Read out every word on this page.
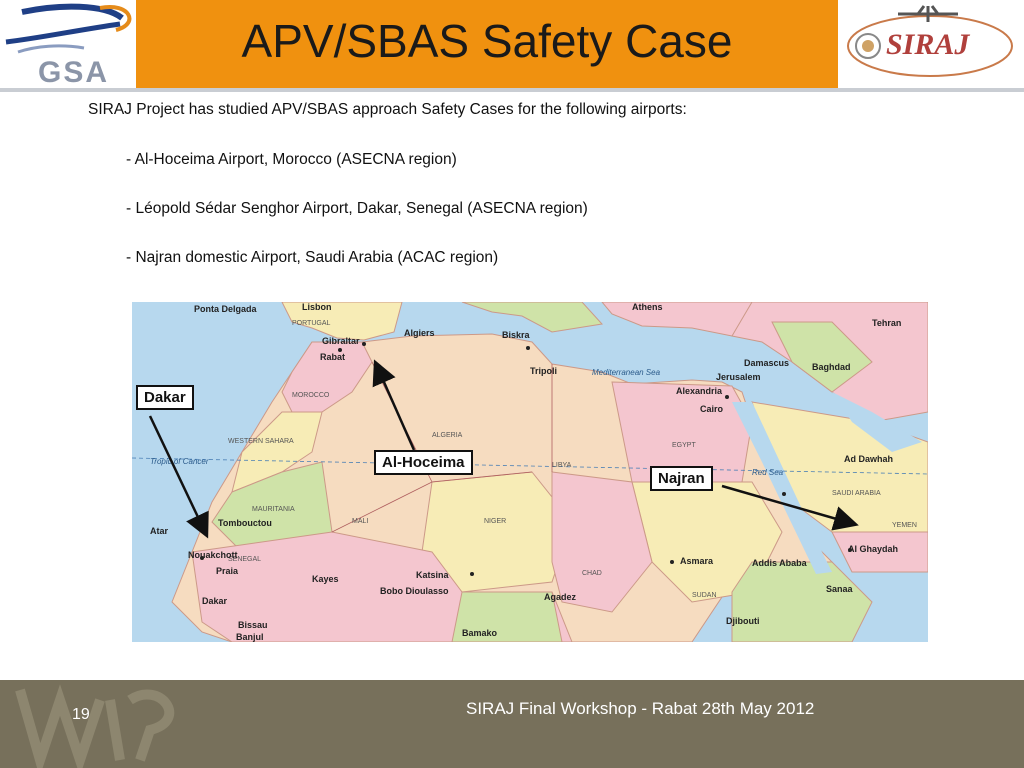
GSA
APV/SBAS Safety Case	SIRAJ
SIRAJ Project has studied APV/SBAS approach Safety Cases for the following airports:
- Al-Hoceima Airport, Morocco (ASECNA region)
- Léopold Sédar Senghor Airport, Dakar, Senegal (ASECNA region)
- Najran domestic Airport, Saudi Arabia (ACAC region)
Mediterranean Sea
Red Sea
Tropic of Cancer
PORTUGAL
MOROCCO
ALGERIA
LIBYA
EGYPT
SUDAN
CHAD
NIGER
MALI
MAURITANIA
WESTERN SAHARA
SENEGAL
SAUDI ARABIA
YEMEN
Ponta Delgada	Lisbon
Gibraltar
Rabat
Algiers	Biskra
Tripoli
Athens
Tehran
Baghdad
Damascus
Jerusalem
Alexandria
Cairo
Ad Dawhah
Asmara	Addis Ababa
Al Ghaydah
Sanaa
Djibouti
Agadez
Katsina
Bobo Dioulasso
Kayes
Bamako
Bissau
Banjul
Dakar
Praia
Nouakchott
Atar
Tombouctou
Dakar
Al-Hoceima
Najran
19	SIRAJ Final Workshop - Rabat 28th May 2012
